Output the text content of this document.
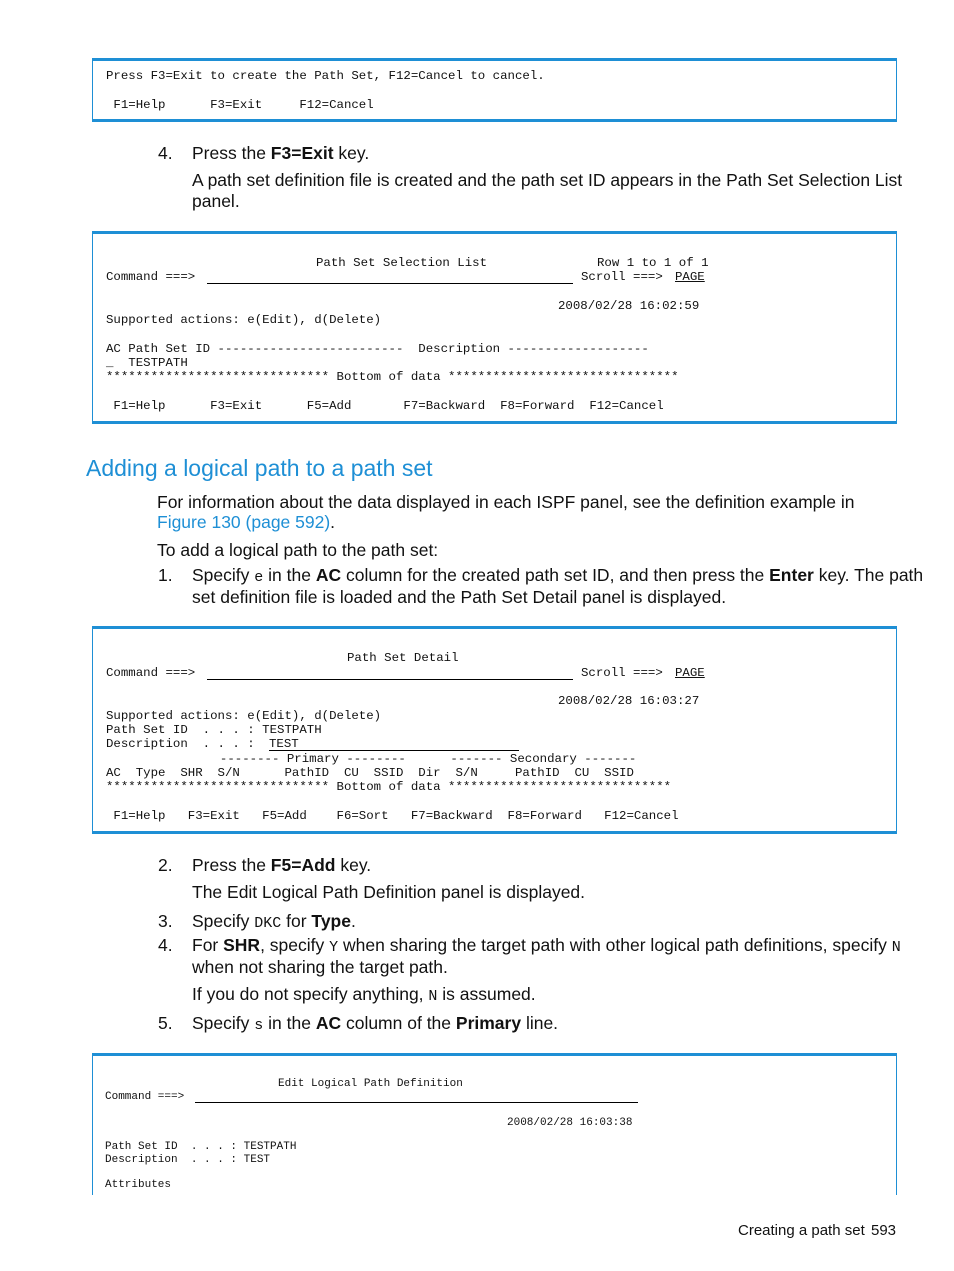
Press F3=Exit to create the Path Set, F12=Cancel to cancel.
F1=Help      F3=Exit     F12=Cancel
4. Press the F3=Exit key.
A path set definition file is created and the path set ID appears in the Path Set Selection List
panel.
Path Set Selection List	Row 1 to 1 of 1
Command ===>	Scroll ===> PAGE
2008/02/28 16:02:59
Supported actions: e(Edit), d(Delete)
AC Path Set ID -------------------------  Description -------------------
_  TESTPATH
****************************** Bottom of data *******************************
F1=Help      F3=Exit      F5=Add       F7=Backward  F8=Forward  F12=Cancel
Adding a logical path to a path set
For information about the data displayed in each ISPF panel, see the definition example in
Figure 130 (page 592).
To add a logical path to the path set:
1. Specify e in the AC column for the created path set ID, and then press the Enter key. The path
set definition file is loaded and the Path Set Detail panel is displayed.
Path Set Detail
Command ===>	Scroll ===> PAGE
2008/02/28 16:03:27
Supported actions: e(Edit), d(Delete)
Path Set ID  . . . : TESTPATH
Description  . . . : TEST
-------- Primary --------      ------- Secondary -------
AC  Type  SHR  S/N      PathID  CU  SSID  Dir  S/N     PathID  CU  SSID
****************************** Bottom of data ******************************
F1=Help   F3=Exit   F5=Add    F6=Sort   F7=Backward  F8=Forward   F12=Cancel
2. Press the F5=Add key.
The Edit Logical Path Definition panel is displayed.
3. Specify DKC for Type.
4. For SHR, specify Y when sharing the target path with other logical path definitions, specify N
when not sharing the target path.
If you do not specify anything, N is assumed.
5. Specify s in the AC column of the Primary line.
Edit Logical Path Definition
Command ===>
2008/02/28 16:03:38
Path Set ID  . . . : TESTPATH
Description  . . . : TEST
Attributes
Creating a path set 593
